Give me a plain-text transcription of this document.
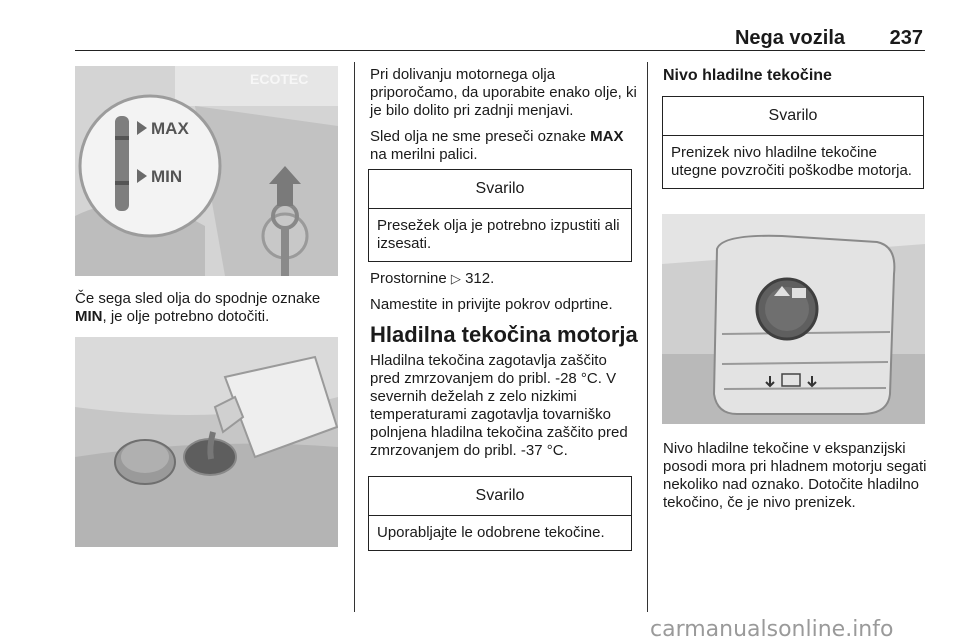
Nega vozila 237
ECOTEC
MAX
MIN

Če sega sled olja do spodnje oznake MIN, je olje potrebno dotočiti.

Pri dolivanju motornega olja priporočamo, da uporabite enako olje, ki je bilo dolito pri zadnji menjavi.

Sled olja ne sme preseči oznake MAX na merilni palici.

Svarilo
Presežek olja je potrebno izpustiti ali izsesati.

Prostornine ▷ 312.

Namestite in privijte pokrov odprtine.

Hladilna tekočina motorja

Hladilna tekočina zagotavlja zaščito pred zmrzovanjem do pribl. -28 °C. V severnih deželah z zelo nizkimi temperaturami zagotavlja tovarniško polnjena hladilna tekočina zaščito pred zmrzovanjem do pribl. -37 °C.

Svarilo
Uporabljajte le odobrene tekočine.
Nivo hladilne tekočine
Svarilo
Prenizek nivo hladilne tekočine utegne povzročiti poškodbe motorja.

Nivo hladilne tekočine v ekspanzijski posodi mora pri hladnem motorju segati nekoliko nad oznako. Dotočite hladilno tekočino, če je nivo prenizek.

carmanualsonline.info
